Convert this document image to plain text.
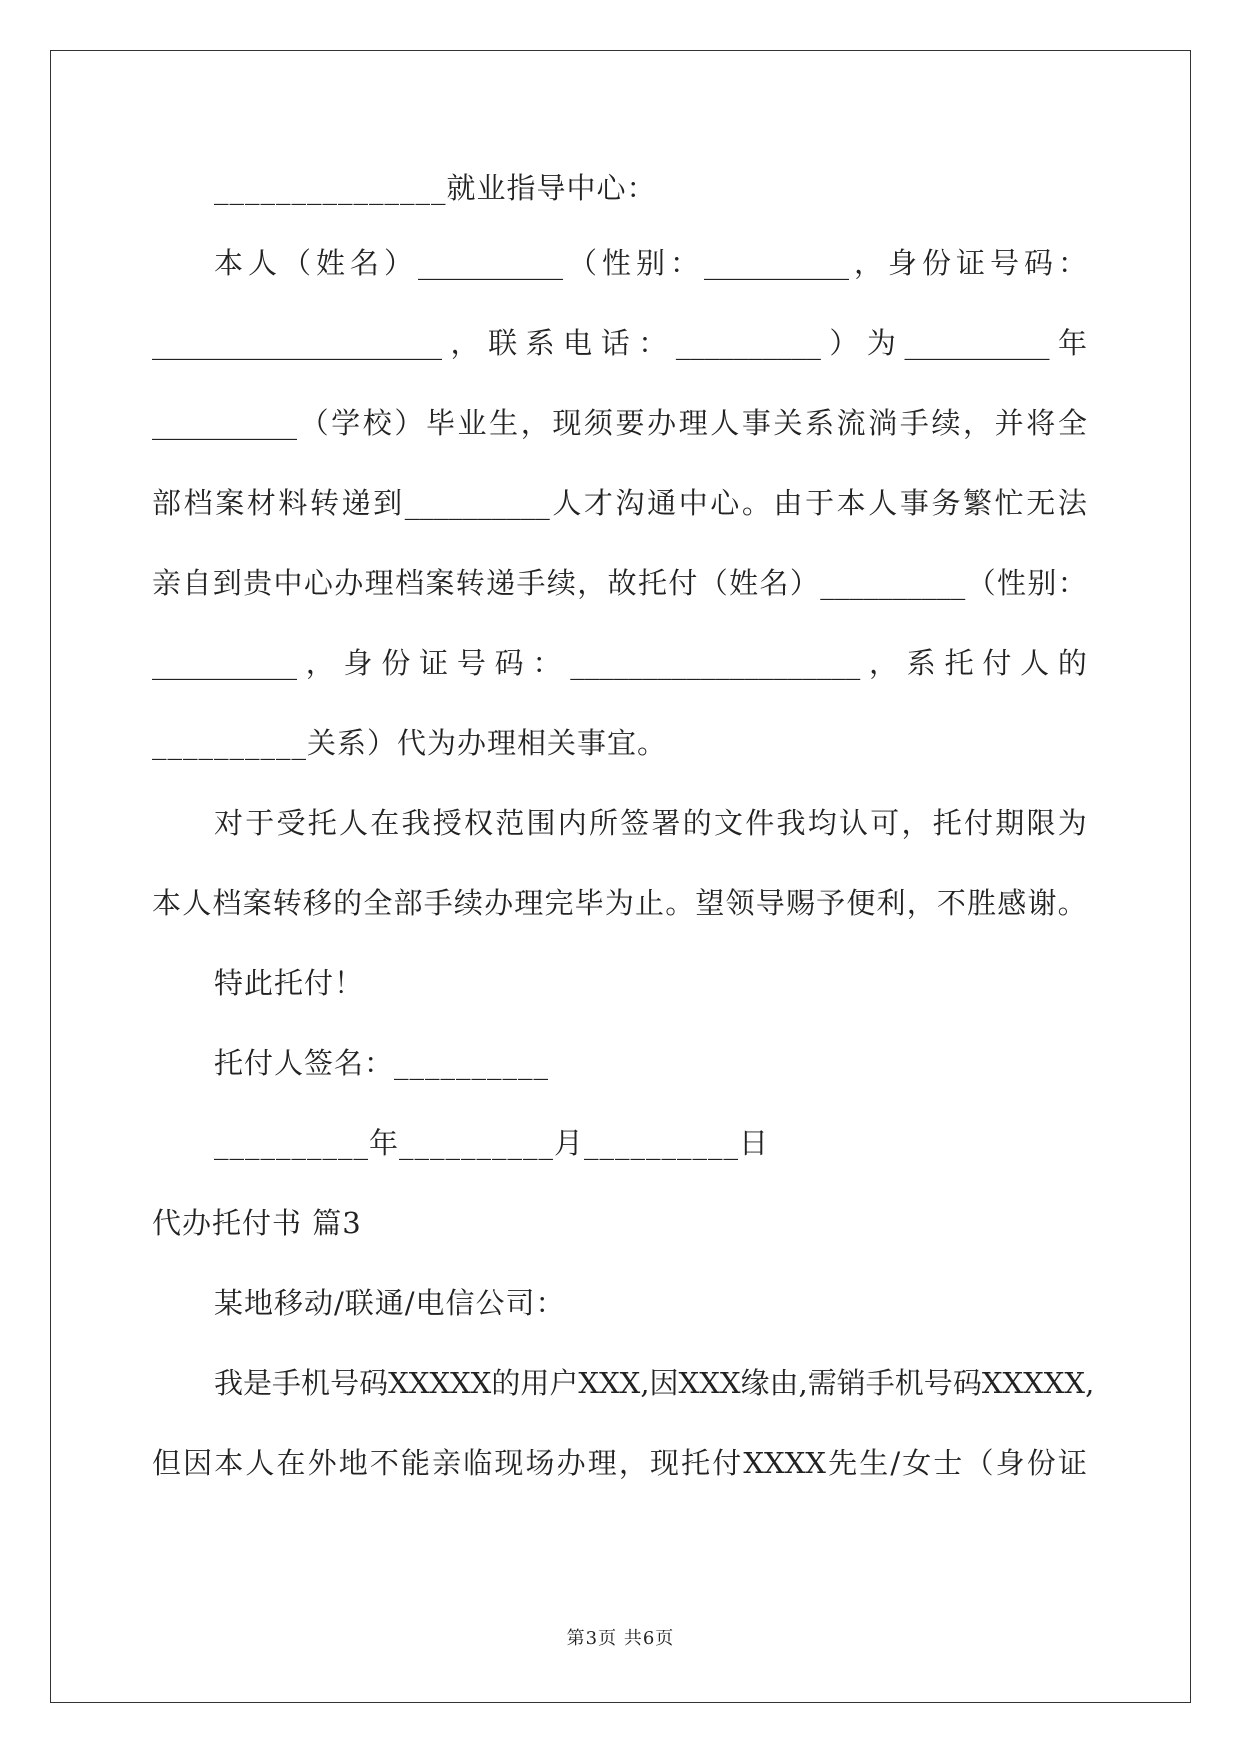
_______________就业指导中心：
本 人 （ 姓 名 ） __________ （ 性 别 ： __________ ， 身 份 证 号 码 ：
____________________ ， 联 系 电 话 ： __________ ） 为 __________ 年
__________ （ 学 校 ） 毕 业 生 ， 现 须 要 办 理 人 事 关 系 流 淌 手 续 ， 并 将 全
部 档 案 材 料 转 递 到 __________ 人 才 沟 通 中 心 。 由 于 本 人 事 务 繁 忙 无 法
亲 自 到 贵 中 心 办 理 档 案 转 递 手 续 ， 故 托 付 （ 姓 名 ） __________ （ 性 别 ：
__________ ， 身 份 证 号 码 ： ____________________ ， 系 托 付 人 的
__________关系）代为办理相关事宜。
对 于 受 托 人 在 我 授 权 范 围 内 所 签 署 的 文 件 我 均 认 可 ， 托 付 期 限 为
本 人 档 案 转 移 的 全 部 手 续 办 理 完 毕 为 止 。 望 领 导 赐 予 便 利 ， 不 胜 感 谢 。
特此托付！
托付人签名：__________
__________年__________月__________日
代办托付书 篇3
某地移动/联通/电信公司：
我 是 手 机 号 码 XXXXX 的 用 户 XXX , 因 XXX 缘 由 , 需 销 手 机 号 码 XXXXX ,
但 因 本 人 在 外 地 不 能 亲 临 现 场 办 理 ， 现 托 付 XXXX 先 生 / 女 士 （ 身 份 证
第3页 共6页
